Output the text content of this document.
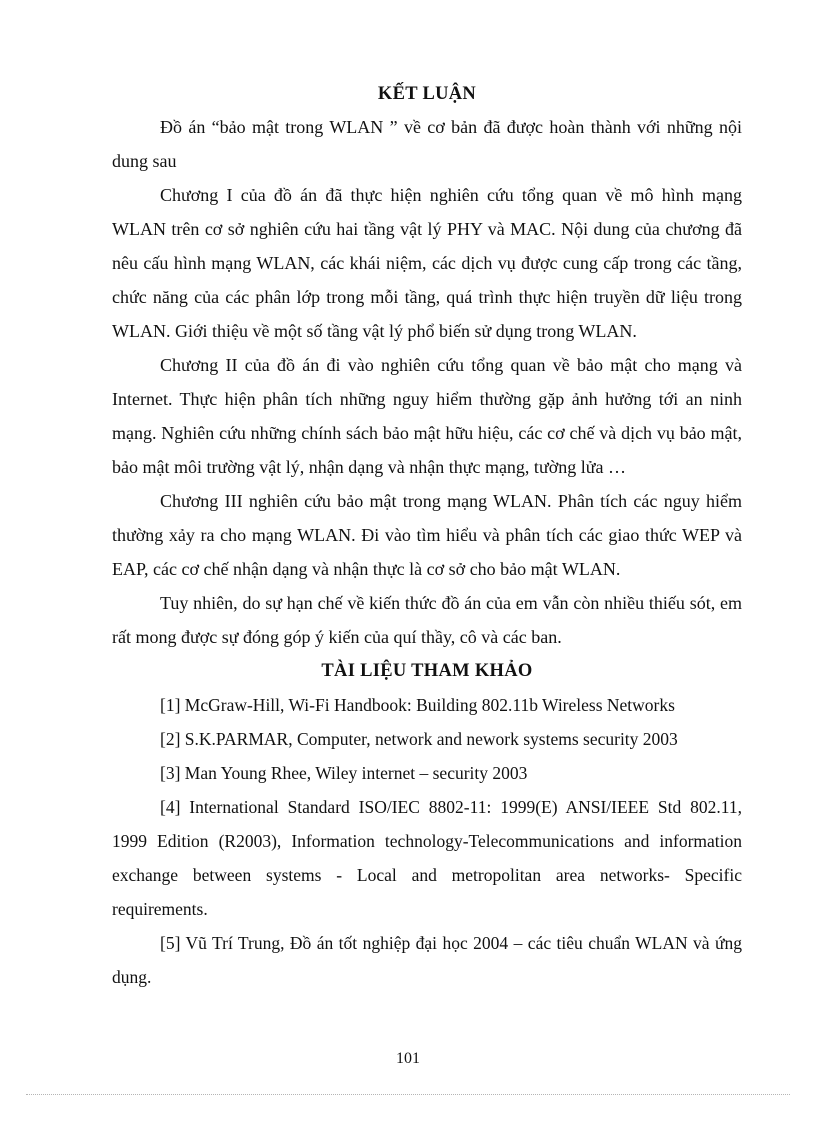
KẾT LUẬN

Đồ án “bảo mật trong WLAN ” về cơ bản đã được hoàn thành với những nội dung sau

Chương I của đồ án đã thực hiện nghiên cứu tổng quan về mô hình mạng WLAN trên cơ sở nghiên cứu hai tầng vật lý PHY và MAC. Nội dung của chương đã nêu cấu hình mạng WLAN, các khái niệm, các dịch vụ được cung cấp trong các tầng, chức năng của các phân lớp trong mỗi tầng, quá trình thực hiện truyền dữ liệu trong WLAN. Giới thiệu về một số tầng vật lý phổ biến sử dụng trong WLAN.

Chương II của đồ án đi vào nghiên cứu tổng quan về bảo mật cho mạng và Internet. Thực hiện phân tích những nguy hiểm thường gặp ảnh hưởng tới an ninh mạng. Nghiên cứu những chính sách bảo mật hữu hiệu, các cơ chế và dịch vụ bảo mật, bảo mật môi trường vật lý, nhận dạng và nhận thực mạng, tường lửa …

Chương III nghiên cứu bảo mật trong mạng WLAN. Phân tích các nguy hiểm thường xảy ra cho mạng WLAN. Đi vào tìm hiểu và phân tích các giao thức WEP và EAP, các cơ chế nhận dạng và nhận thực là cơ sở cho bảo mật WLAN.

Tuy nhiên, do sự hạn chế về kiến thức đồ án của em vẫn còn nhiều thiếu sót, em rất mong được sự đóng góp ý kiến của quí thầy, cô và các ban.

TÀI LIỆU THAM KHẢO

[1] McGraw-Hill, Wi-Fi Handbook: Building 802.11b Wireless Networks

[2] S.K.PARMAR, Computer, network and nework systems security 2003

[3] Man Young Rhee, Wiley internet – security 2003

[4] International Standard ISO/IEC 8802-11: 1999(E) ANSI/IEEE Std 802.11, 1999 Edition (R2003), Information technology-Telecommunications and information exchange between systems - Local and metropolitan area networks- Specific requirements.

[5] Vũ Trí Trung, Đồ án tốt nghiệp đại học 2004 – các tiêu chuẩn WLAN và ứng dụng.

101
